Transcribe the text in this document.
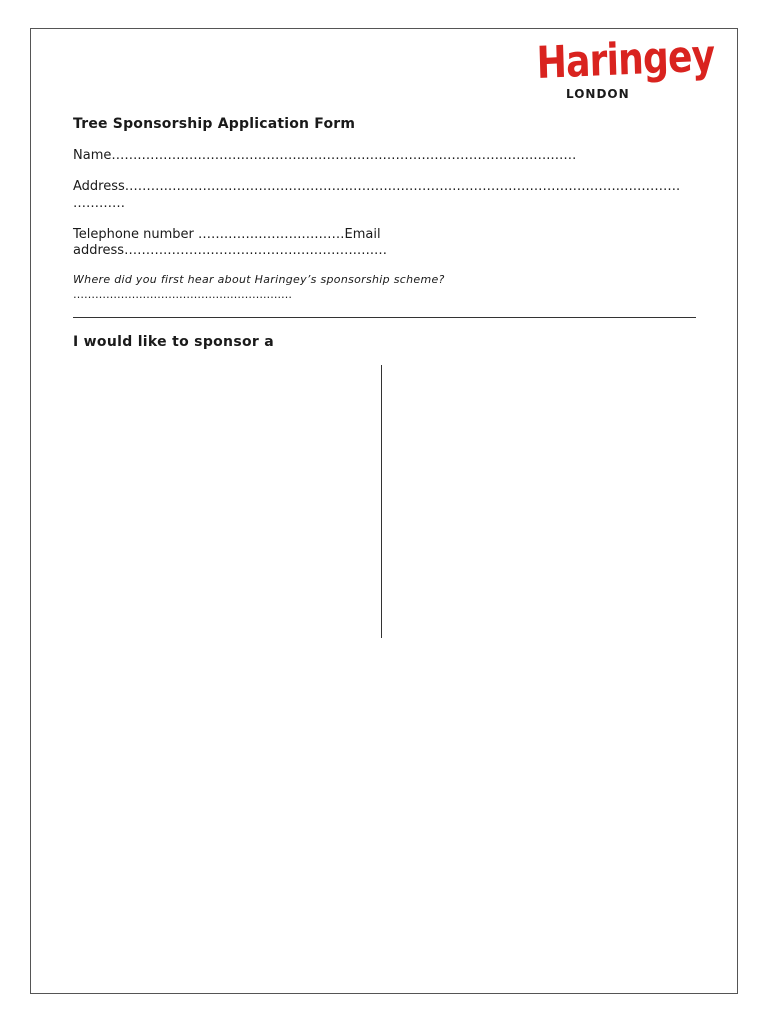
Haringey
LONDON
Tree Sponsorship Application Form
Name…….……….….……….….……….….……….….……….….……….….…….….……
Address……….……….….……….….……….….……….….……….….……….….……….….…….….……….
…………
Telephone number …….…….……….….……Email
address……….……….……….……….….……….….…
Where did you first hear about Haringey’s sponsorship scheme?
……………….……….……….….……….….…
I would like to sponsor a
